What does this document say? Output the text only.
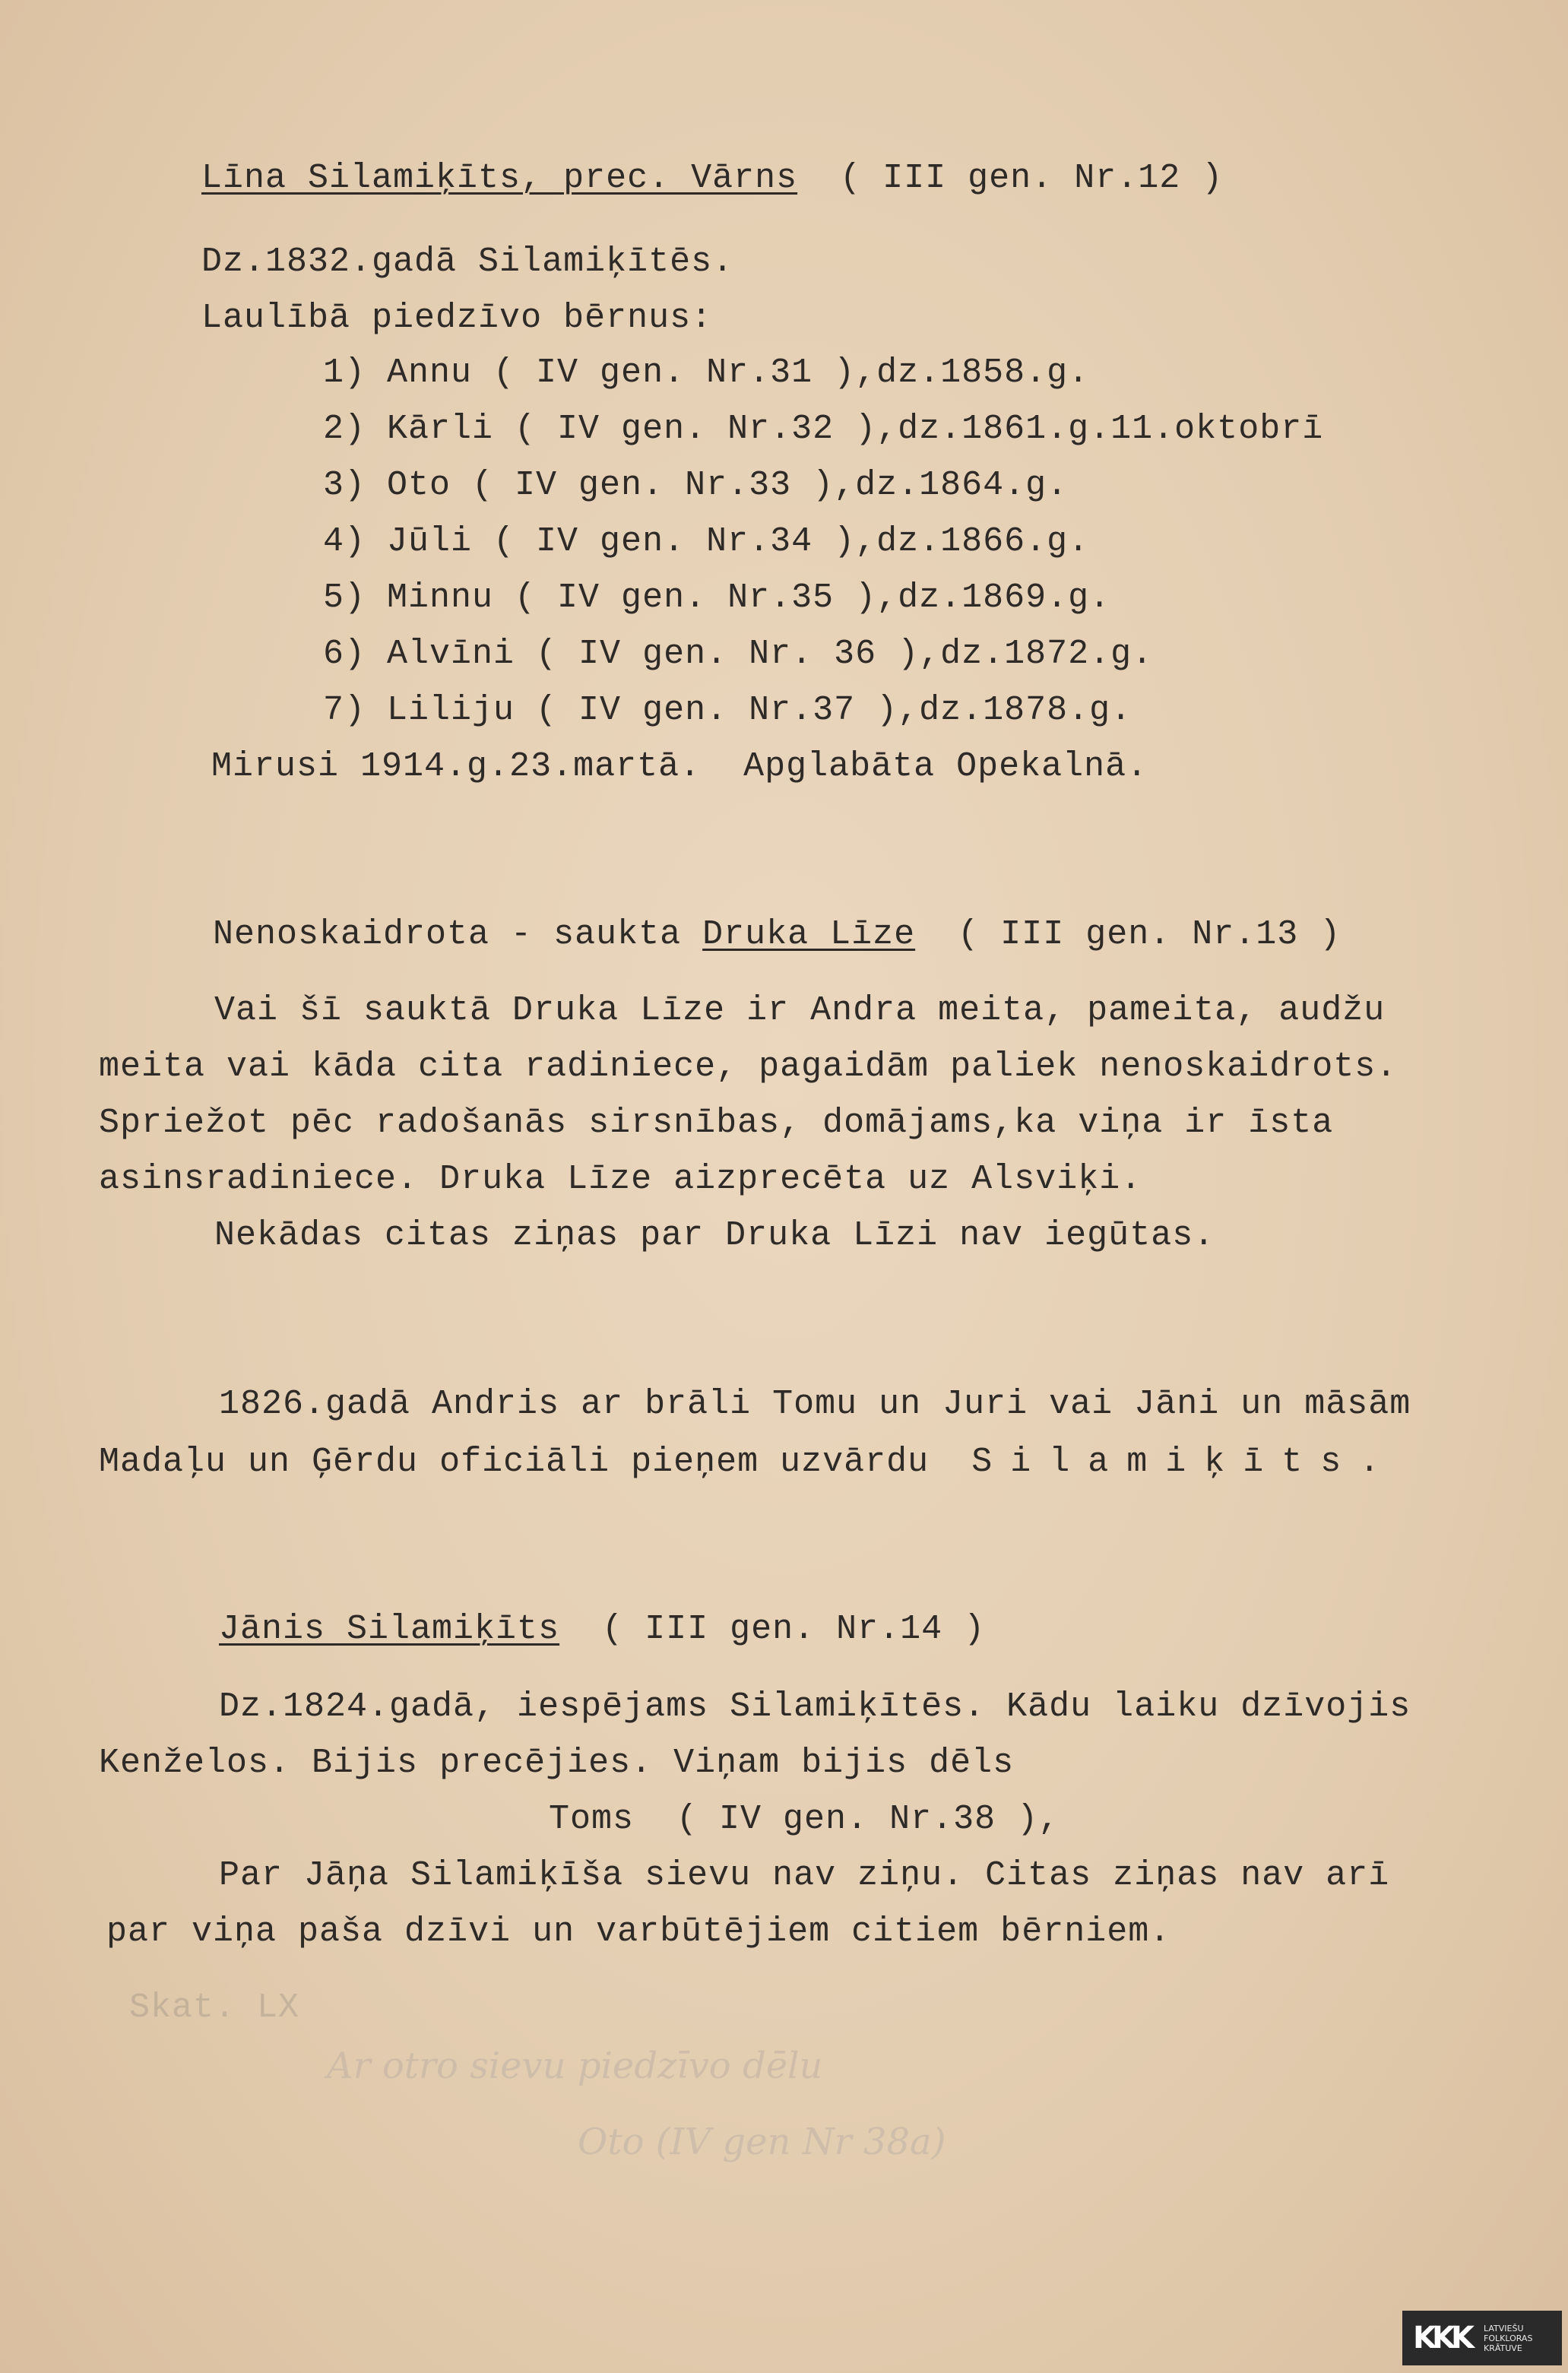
Līna Silamiķīts, prec. Vārns ( III gen. Nr.12 )
Dz.1832.gadā Silamiķītēs.
Laulībā piedzīvo bērnus:
1) Annu ( IV gen. Nr.31 ),dz.1858.g.
2) Kārli ( IV gen. Nr.32 ),dz.1861.g.11.oktobrī
3) Oto ( IV gen. Nr.33 ),dz.1864.g.
4) Jūli ( IV gen. Nr.34 ),dz.1866.g.
5) Minnu ( IV gen. Nr.35 ),dz.1869.g.
6) Alvīni ( IV gen. Nr. 36 ),dz.1872.g.
7) Liliju ( IV gen. Nr.37 ),dz.1878.g.
Mirusi 1914.g.23.martā.  Apglabāta Opekalnā.
Nenoskaidrota - saukta Druka Līze ( III gen. Nr.13 )
Vai šī sauktā Druka Līze ir Andra meita, pameita, audžu
meita vai kāda cita radiniece, pagaidām paliek nenoskaidrots.
Spriežot pēc radošanās sirsnības, domājams,ka viņa ir īsta
asinsradiniece. Druka Līze aizprecēta uz Alsviķi.
Nekādas citas ziņas par Druka Līzi nav iegūtas.
1826.gadā Andris ar brāli Tomu un Juri vai Jāni un māsām
Madaļu un Ģērdu oficiāli pieņem uzvārdu Silamiķīts.
Jānis Silamiķīts ( III gen. Nr.14 )
Dz.1824.gadā, iespējams Silamiķītēs. Kādu laiku dzīvojis
Kenželos. Bijis precējies. Viņam bijis dēls
Toms  ( IV gen. Nr.38 ),
Par Jāņa Silamiķīša sievu nav ziņu. Citas ziņas nav arī
par viņa paša dzīvi un varbūtējiem citiem bērniem.
Skat. LX
Ar otro sievu piedzīvo dēlu
Oto (IV gen Nr 38a)
KKK LATVIEŠU
FOLKLORAS
KRĀTUVE
